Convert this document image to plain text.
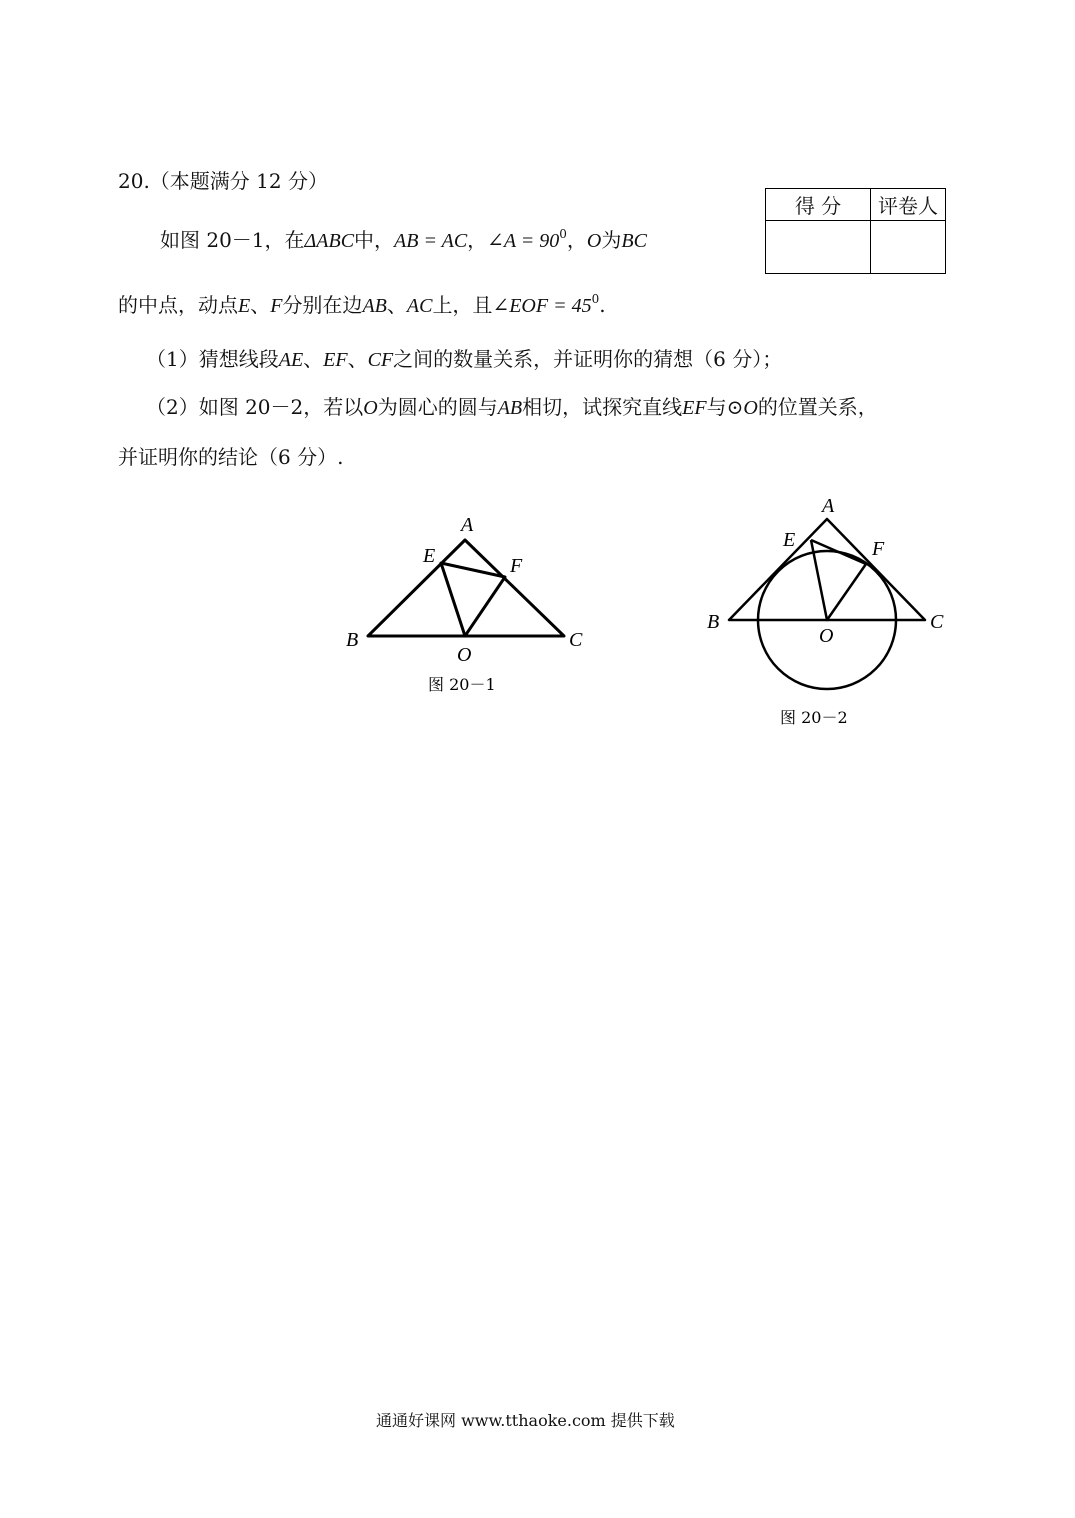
20.（本题满分 12 分）
得 分	评卷人

如图 20－1，在ΔABC中，AB = AC，∠A = $90^0$，O为BC
的中点，动点E、F分别在边AB、AC上，且∠EOF = $45^0$.
（1）猜想线段AE、EF、CF之间的数量关系，并证明你的猜想（6 分）；
（2）如图 20－2，若以O为圆心的圆与AB相切，试探究直线EF与⊙O的位置关系，
并证明你的结论（6 分）.
A
B	C
E	F
O
图 20－1
A
B	C
E	F
O
图 20－2
通通好课网 www.tthaoke.com 提供下载
